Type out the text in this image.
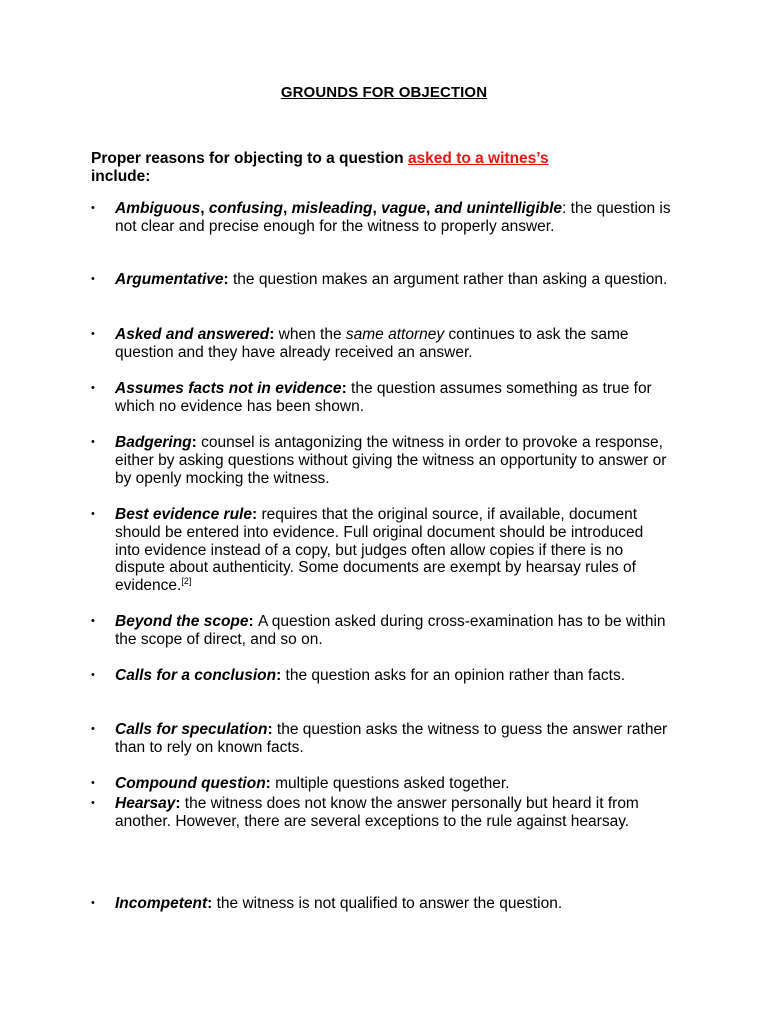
GROUNDS FOR OBJECTION
Proper reasons for objecting to a question asked to a witnes’s
include:
• Ambiguous, confusing, misleading, vague, and unintelligible: the question is not clear and precise enough for the witness to properly answer.
• Argumentative: the question makes an argument rather than asking a question.
• Asked and answered: when the same attorney continues to ask the same question and they have already received an answer.
• Assumes facts not in evidence: the question assumes something as true for which no evidence has been shown.
• Badgering: counsel is antagonizing the witness in order to provoke a response, either by asking questions without giving the witness an opportunity to answer or by openly mocking the witness.
• Best evidence rule: requires that the original source, if available, document should be entered into evidence. Full original document should be introduced into evidence instead of a copy, but judges often allow copies if there is no dispute about authenticity. Some documents are exempt by hearsay rules of evidence.[2]
• Beyond the scope: A question asked during cross-examination has to be within the scope of direct, and so on.
• Calls for a conclusion: the question asks for an opinion rather than facts.
• Calls for speculation: the question asks the witness to guess the answer rather than to rely on known facts.
• Compound question: multiple questions asked together.
• Hearsay: the witness does not know the answer personally but heard it from another. However, there are several exceptions to the rule against hearsay.
• Incompetent: the witness is not qualified to answer the question.
